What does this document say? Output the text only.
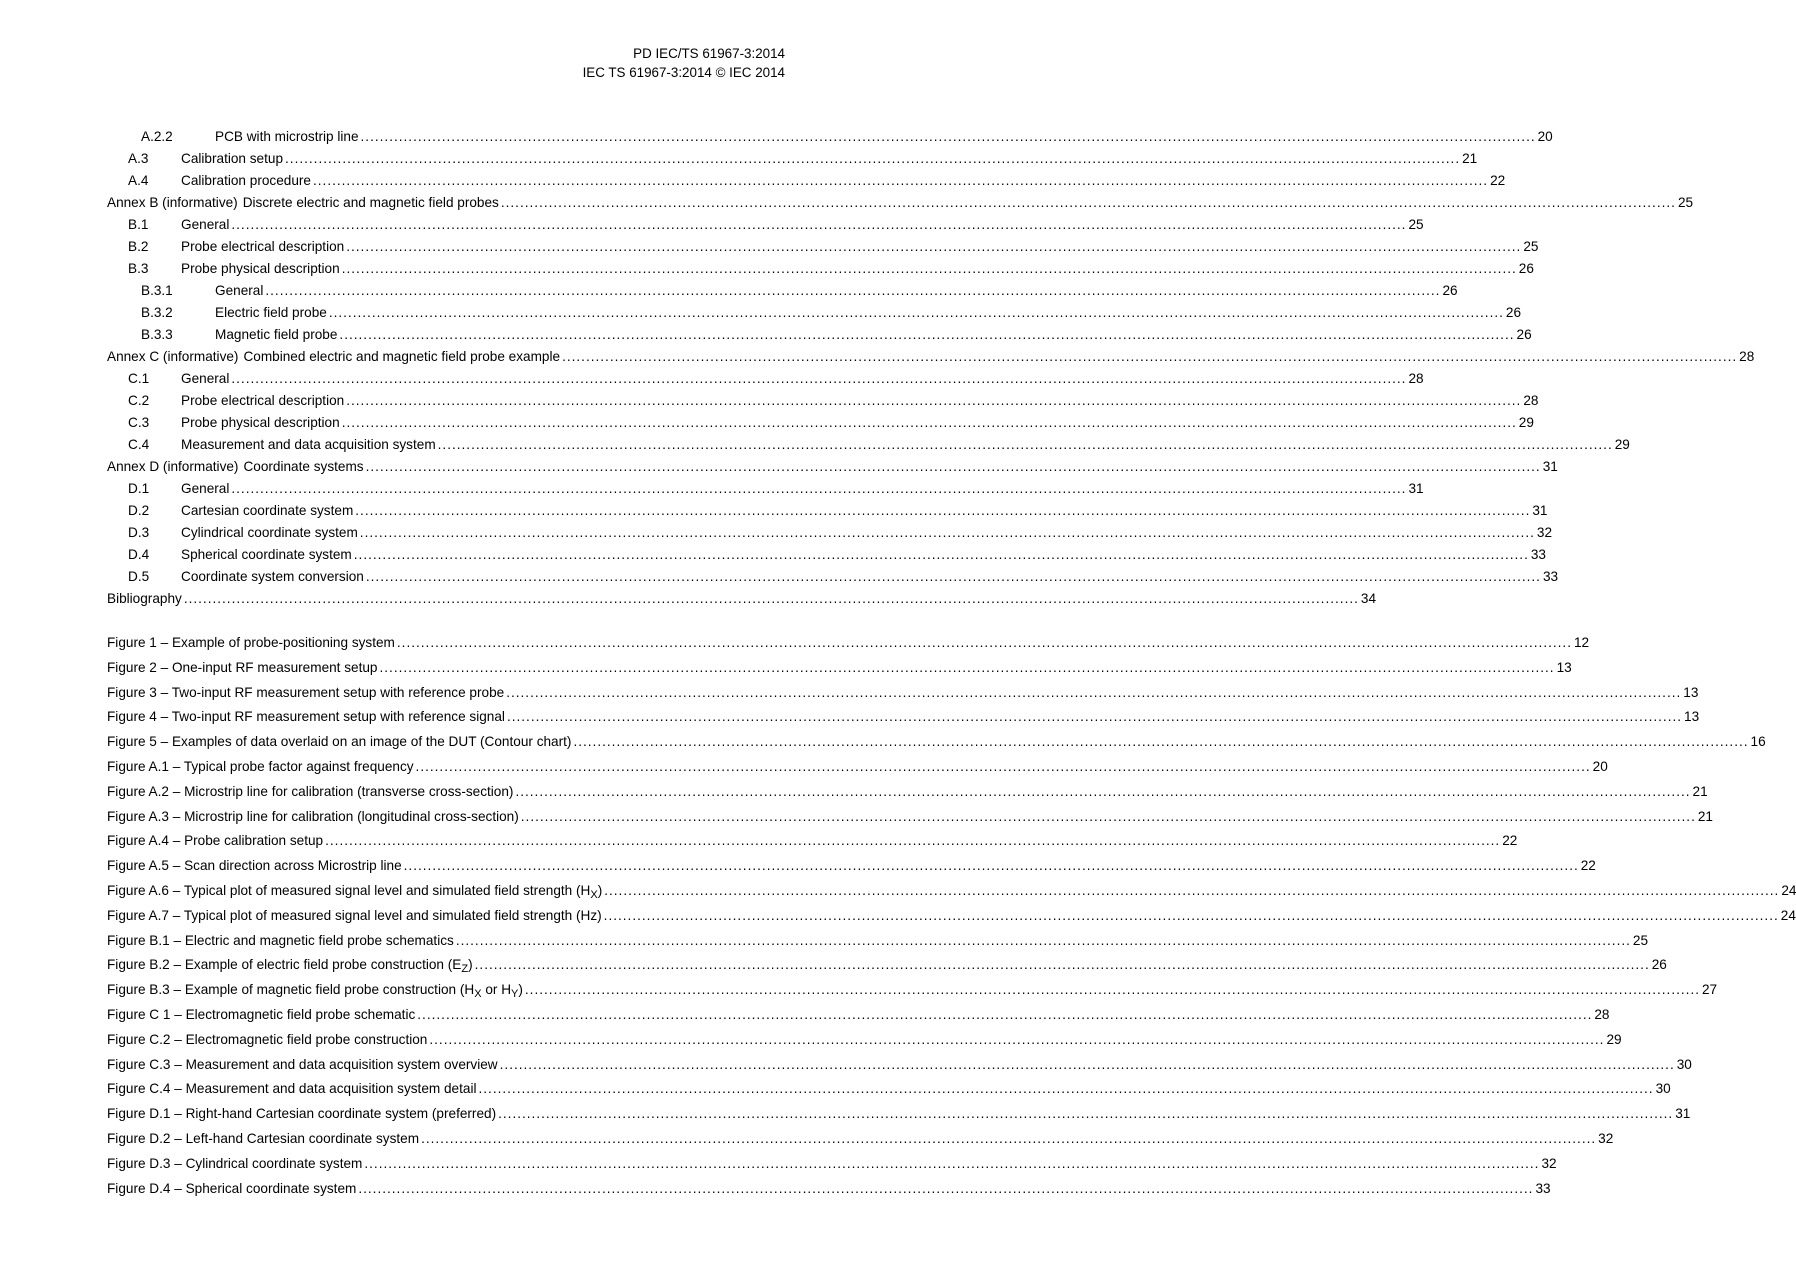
PD IEC/TS 61967-3:2014
IEC TS 61967-3:2014 © IEC 2014
A.2.2	PCB with microstrip line .....	20
A.3	Calibration setup .....	21
A.4	Calibration procedure .....	22
Annex B (informative) Discrete electric and magnetic field probes .....	25
B.1	General .....	25
B.2	Probe electrical description .....	25
B.3	Probe physical description .....	26
B.3.1	General .....	26
B.3.2	Electric field probe .....	26
B.3.3	Magnetic field probe .....	26
Annex C (informative) Combined electric and magnetic field probe example .....	28
C.1	General .....	28
C.2	Probe electrical description .....	28
C.3	Probe physical description .....	29
C.4	Measurement and data acquisition system .....	29
Annex D (informative) Coordinate systems .....	31
D.1	General .....	31
D.2	Cartesian coordinate system .....	31
D.3	Cylindrical coordinate system .....	32
D.4	Spherical coordinate system .....	33
D.5	Coordinate system conversion .....	33
Bibliography .....	34
Figure 1 – Example of probe-positioning system .....	12
Figure 2 – One-input RF measurement setup .....	13
Figure 3 – Two-input RF measurement setup with reference probe .....	13
Figure 4 – Two-input RF measurement setup with reference signal .....	13
Figure 5 – Examples of data overlaid on an image of the DUT (Contour chart) .....	16
Figure A.1 – Typical probe factor against frequency .....	20
Figure A.2 – Microstrip line for calibration (transverse cross-section) .....	21
Figure A.3 – Microstrip line for calibration (longitudinal cross-section) .....	21
Figure A.4 – Probe calibration setup .....	22
Figure A.5 – Scan direction across Microstrip line .....	22
Figure A.6 – Typical plot of measured signal level and simulated field strength $(H_X)$ .....	24
Figure A.7 – Typical plot of measured signal level and simulated field strength (Hz) .....	24
Figure B.1 – Electric and magnetic field probe schematics .....	25
Figure B.2 – Example of electric field probe construction $(E_Z)$ .....	26
Figure B.3 – Example of magnetic field probe construction ($H_X$ or $H_Y$) .....	27
Figure C 1 – Electromagnetic field probe schematic .....	28
Figure C.2 – Electromagnetic field probe construction .....	29
Figure C.3 – Measurement and data acquisition system overview .....	30
Figure C.4 – Measurement and data acquisition system detail .....	30
Figure D.1 – Right-hand Cartesian coordinate system (preferred) .....	31
Figure D.2 – Left-hand Cartesian coordinate system .....	32
Figure D.3 – Cylindrical coordinate system .....	32
Figure D.4 – Spherical coordinate system .....	33
